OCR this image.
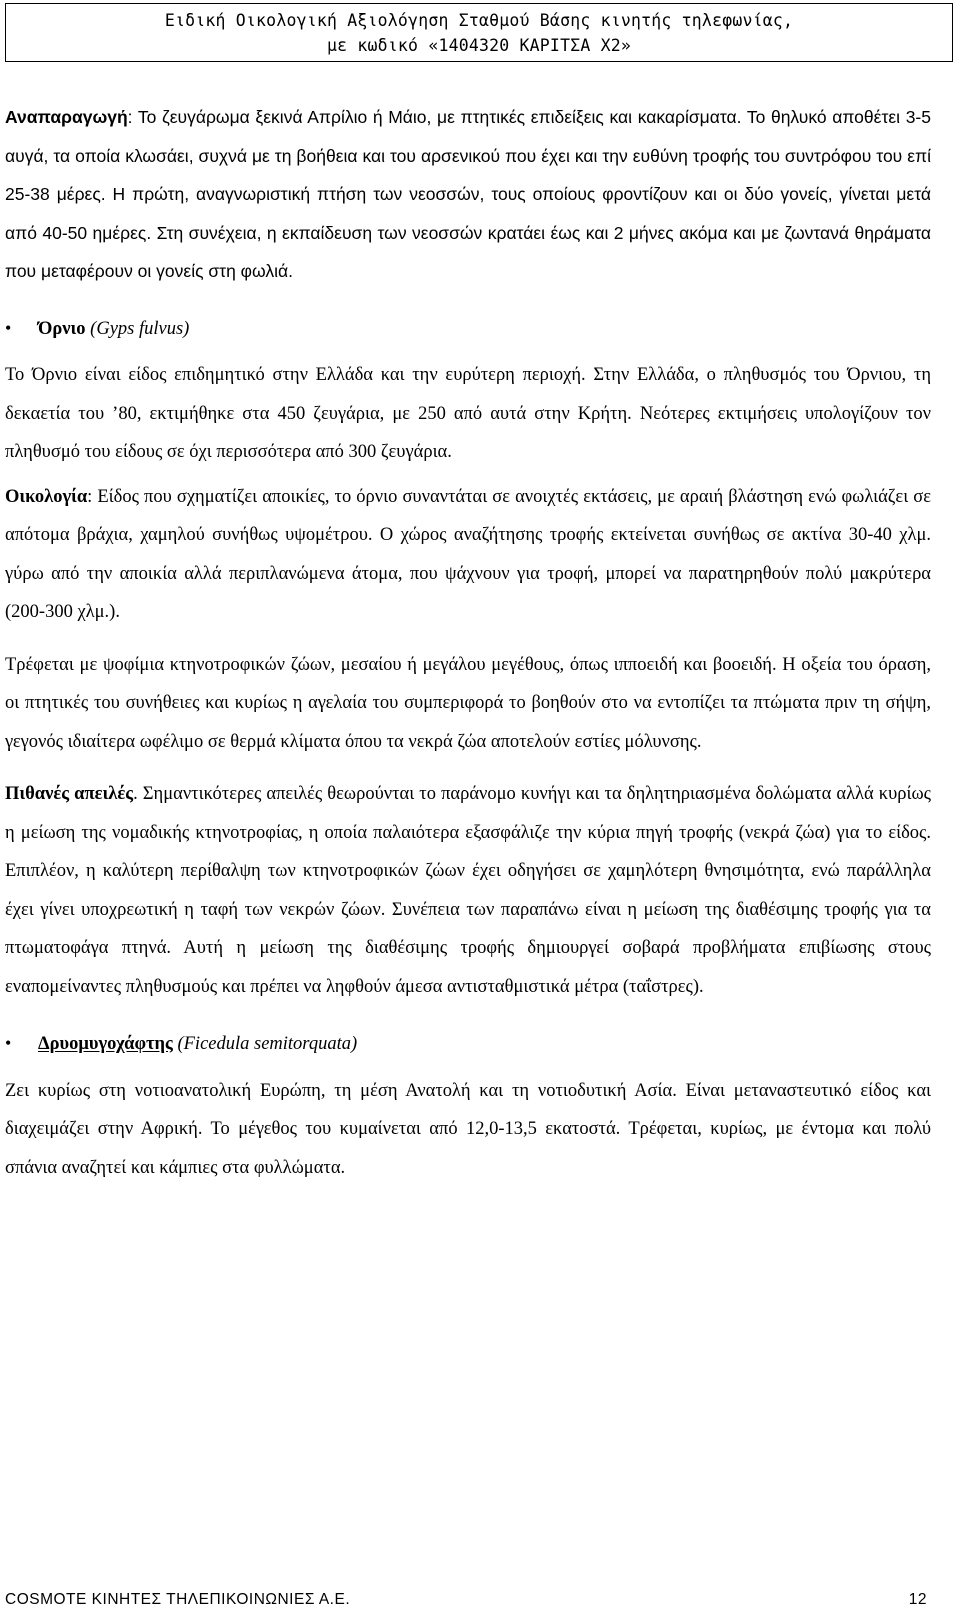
Ειδική Οικολογική Αξιολόγηση Σταθμού Βάσης κινητής τηλεφωνίας,
με κωδικό «1404320 ΚΑΡΙΤΣΑ Χ2»

Αναπαραγωγή: Το ζευγάρωμα ξεκινά Απρίλιο ή Μάιο, με πτητικές επιδείξεις και κακαρίσματα. Το θηλυκό αποθέτει 3-5 αυγά, τα οποία κλωσάει, συχνά με τη βοήθεια και του αρσενικού που έχει και την ευθύνη τροφής του συντρόφου του επί 25-38 μέρες. Η πρώτη, αναγνωριστική πτήση των νεοσσών, τους οποίους φροντίζουν και οι δύο γονείς, γίνεται μετά από 40-50 ημέρες. Στη συνέχεια, η εκπαίδευση των νεοσσών κρατάει έως και 2 μήνες ακόμα και με ζωντανά θηράματα που μεταφέρουν οι γονείς στη φωλιά.

•	Όρνιο (Gyps fulvus)

Το Όρνιο είναι είδος επιδημητικό στην Ελλάδα και την ευρύτερη περιοχή. Στην Ελλάδα, ο πληθυσμός του Όρνιου, τη δεκαετία του ’80, εκτιμήθηκε στα 450 ζευγάρια, με 250 από αυτά στην Κρήτη. Νεότερες εκτιμήσεις υπολογίζουν τον πληθυσμό του είδους σε όχι περισσότερα από 300 ζευγάρια.

Οικολογία: Είδος που σχηματίζει αποικίες, το όρνιο συναντάται σε ανοιχτές εκτάσεις, με αραιή βλάστηση ενώ φωλιάζει σε απότομα βράχια, χαμηλού συνήθως υψομέτρου. Ο χώρος αναζήτησης τροφής εκτείνεται συνήθως σε ακτίνα 30-40 χλμ. γύρω από την αποικία αλλά περιπλανώμενα άτομα, που ψάχνουν για τροφή, μπορεί να παρατηρηθούν πολύ μακρύτερα (200-300 χλμ.).

Τρέφεται με ψοφίμια κτηνοτροφικών ζώων, μεσαίου ή μεγάλου μεγέθους, όπως ιπποειδή και βοοειδή. Η οξεία του όραση, οι πτητικές του συνήθειες και κυρίως η αγελαία του συμπεριφορά το βοηθούν στο να εντοπίζει τα πτώματα πριν τη σήψη, γεγονός ιδιαίτερα ωφέλιμο σε θερμά κλίματα όπου τα νεκρά ζώα αποτελούν εστίες μόλυνσης.

Πιθανές απειλές. Σημαντικότερες απειλές θεωρούνται το παράνομο κυνήγι και τα δηλητηριασμένα δολώματα αλλά κυρίως η μείωση της νομαδικής κτηνοτροφίας, η οποία παλαιότερα εξασφάλιζε την κύρια πηγή τροφής (νεκρά ζώα) για το είδος. Επιπλέον, η καλύτερη περίθαλψη των κτηνοτροφικών ζώων έχει οδηγήσει σε χαμηλότερη θνησιμότητα, ενώ παράλληλα έχει γίνει υποχρεωτική η ταφή των νεκρών ζώων. Συνέπεια των παραπάνω είναι η μείωση της διαθέσιμης τροφής για τα πτωματοφάγα πτηνά. Αυτή η μείωση της διαθέσιμης τροφής δημιουργεί σοβαρά προβλήματα επιβίωσης στους εναπομείναντες πληθυσμούς και πρέπει να ληφθούν άμεσα αντισταθμιστικά μέτρα (ταΐστρες).

•	Δρυομυγοχάφτης (Ficedula semitorquata)

Ζει κυρίως στη νοτιοανατολική Ευρώπη, τη μέση Ανατολή και τη νοτιοδυτική Ασία. Είναι μεταναστευτικό είδος και διαχειμάζει στην Αφρική. Το μέγεθος του κυμαίνεται από 12,0-13,5 εκατοστά. Τρέφεται, κυρίως, με έντομα και πολύ σπάνια αναζητεί και κάμπιες στα φυλλώματα.

COSMOTE ΚΙΝΗΤΕΣ ΤΗΛΕΠΙΚΟΙΝΩΝΙΕΣ Α.Ε.	12
